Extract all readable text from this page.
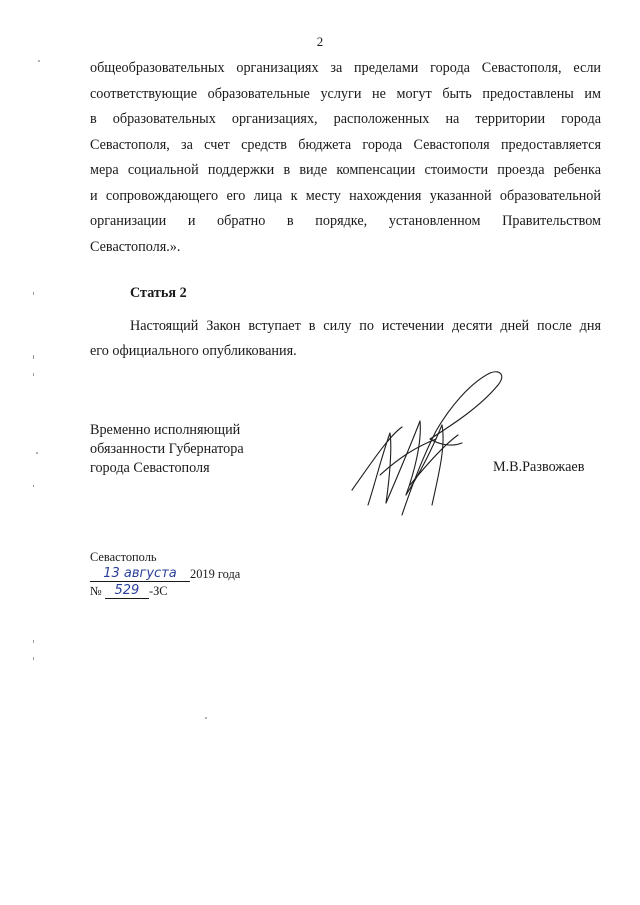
2
общеобразовательных организациях за пределами города Севастополя, если
соответствующие образовательные услуги не могут быть предоставлены им
в образовательных организациях, расположенных на территории города
Севастополя, за счет средств бюджета города Севастополя предоставляется
мера социальной поддержки в виде компенсации стоимости проезда ребенка
и сопровождающего его лица к месту нахождения указанной образовательной
организации и обратно в порядке, установленном Правительством
Севастополя.».
Статья 2
Настоящий Закон вступает в силу по истечении десяти дней после дня
его официального опубликования.
Временно исполняющий
обязанности Губернатора
города Севастополя	М.В.Развожаев
Севастополь
13 августа 2019 года
№ 529 -ЗС
